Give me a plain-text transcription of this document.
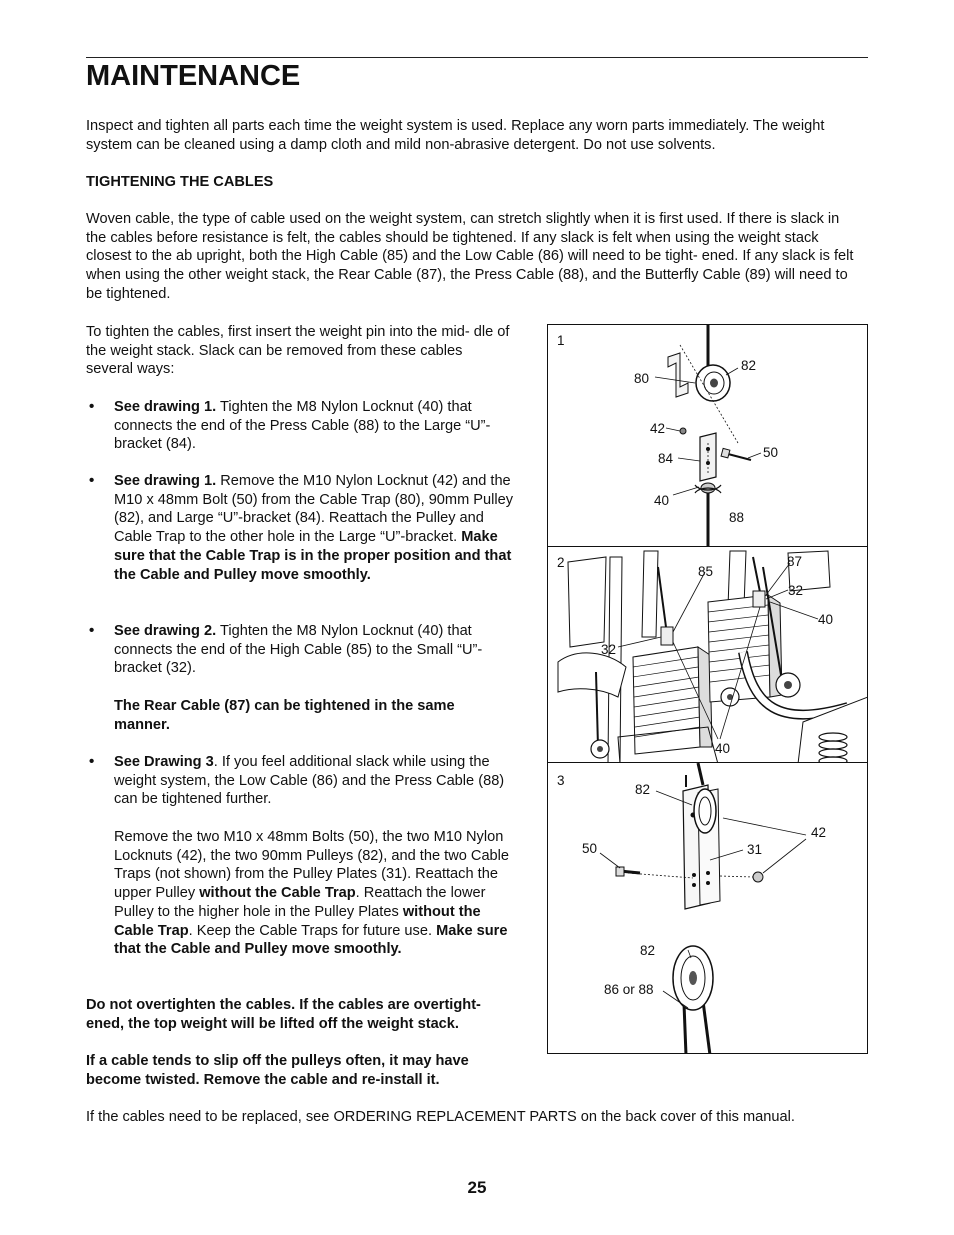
MAINTENANCE

Inspect and tighten all parts each time the weight system is used. Replace any worn parts immediately. The weight system can be cleaned using a damp cloth and mild non-abrasive detergent. Do not use solvents.

TIGHTENING THE CABLES

Woven cable, the type of cable used on the weight system, can stretch slightly when it is first used. If there is slack in the cables before resistance is felt, the cables should be tightened. If any slack is felt when using the weight stack closest to the ab upright, both the High Cable (85) and the Low Cable (86) will need to be tight- ened. If any slack is felt when using the other weight stack, the Rear Cable (87), the Press Cable (88), and the Butterfly Cable (89) will need to be tightened.

To tighten the cables, first insert the weight pin into the mid- dle of the weight stack. Slack can be removed from these cables several ways:

• See drawing 1. Tighten the M8 Nylon Locknut (40) that connects the end of the Press Cable (88) to the Large “U”-bracket (84).

• See drawing 1. Remove the M10 Nylon Locknut (42) and the M10 x 48mm Bolt (50) from the Cable Trap (80), 90mm Pulley (82), and Large “U”-bracket (84). Reattach the Pulley and Cable Trap to the other hole in the Large “U”-bracket. Make sure that the Cable Trap is in the proper position and that the Cable and Pulley move smoothly.

• See drawing 2. Tighten the M8 Nylon Locknut (40) that connects the end of the High Cable (85) to the Small “U”- bracket (32).

The Rear Cable (87) can be tightened in the same manner.

• See Drawing 3. If you feel additional slack while using the weight system, the Low Cable (86) and the Press Cable (88) can be tightened further.

Remove the two M10 x 48mm Bolts (50), the two M10 Nylon Locknuts (42), the two 90mm Pulleys (82), and the two Cable Traps (not shown) from the Pulley Plates (31). Reattach the upper Pulley without the Cable Trap. Reattach the lower Pulley to the higher hole in the Pulley Plates without the Cable Trap. Keep the Cable Traps for future use. Make sure that the Cable and Pulley move smoothly.

Do not overtighten the cables. If the cables are overtight- ened, the top weight will be lifted off the weight stack.

If a cable tends to slip off the pulleys often, it may have become twisted. Remove the cable and re-install it.

If the cables need to be replaced, see ORDERING REPLACEMENT PARTS on the back cover of this manual.

25
1
80
82
42
84	50
40
88
2
85
87
32
40
32
40
3
82
42
50	31
82
86 or 88
